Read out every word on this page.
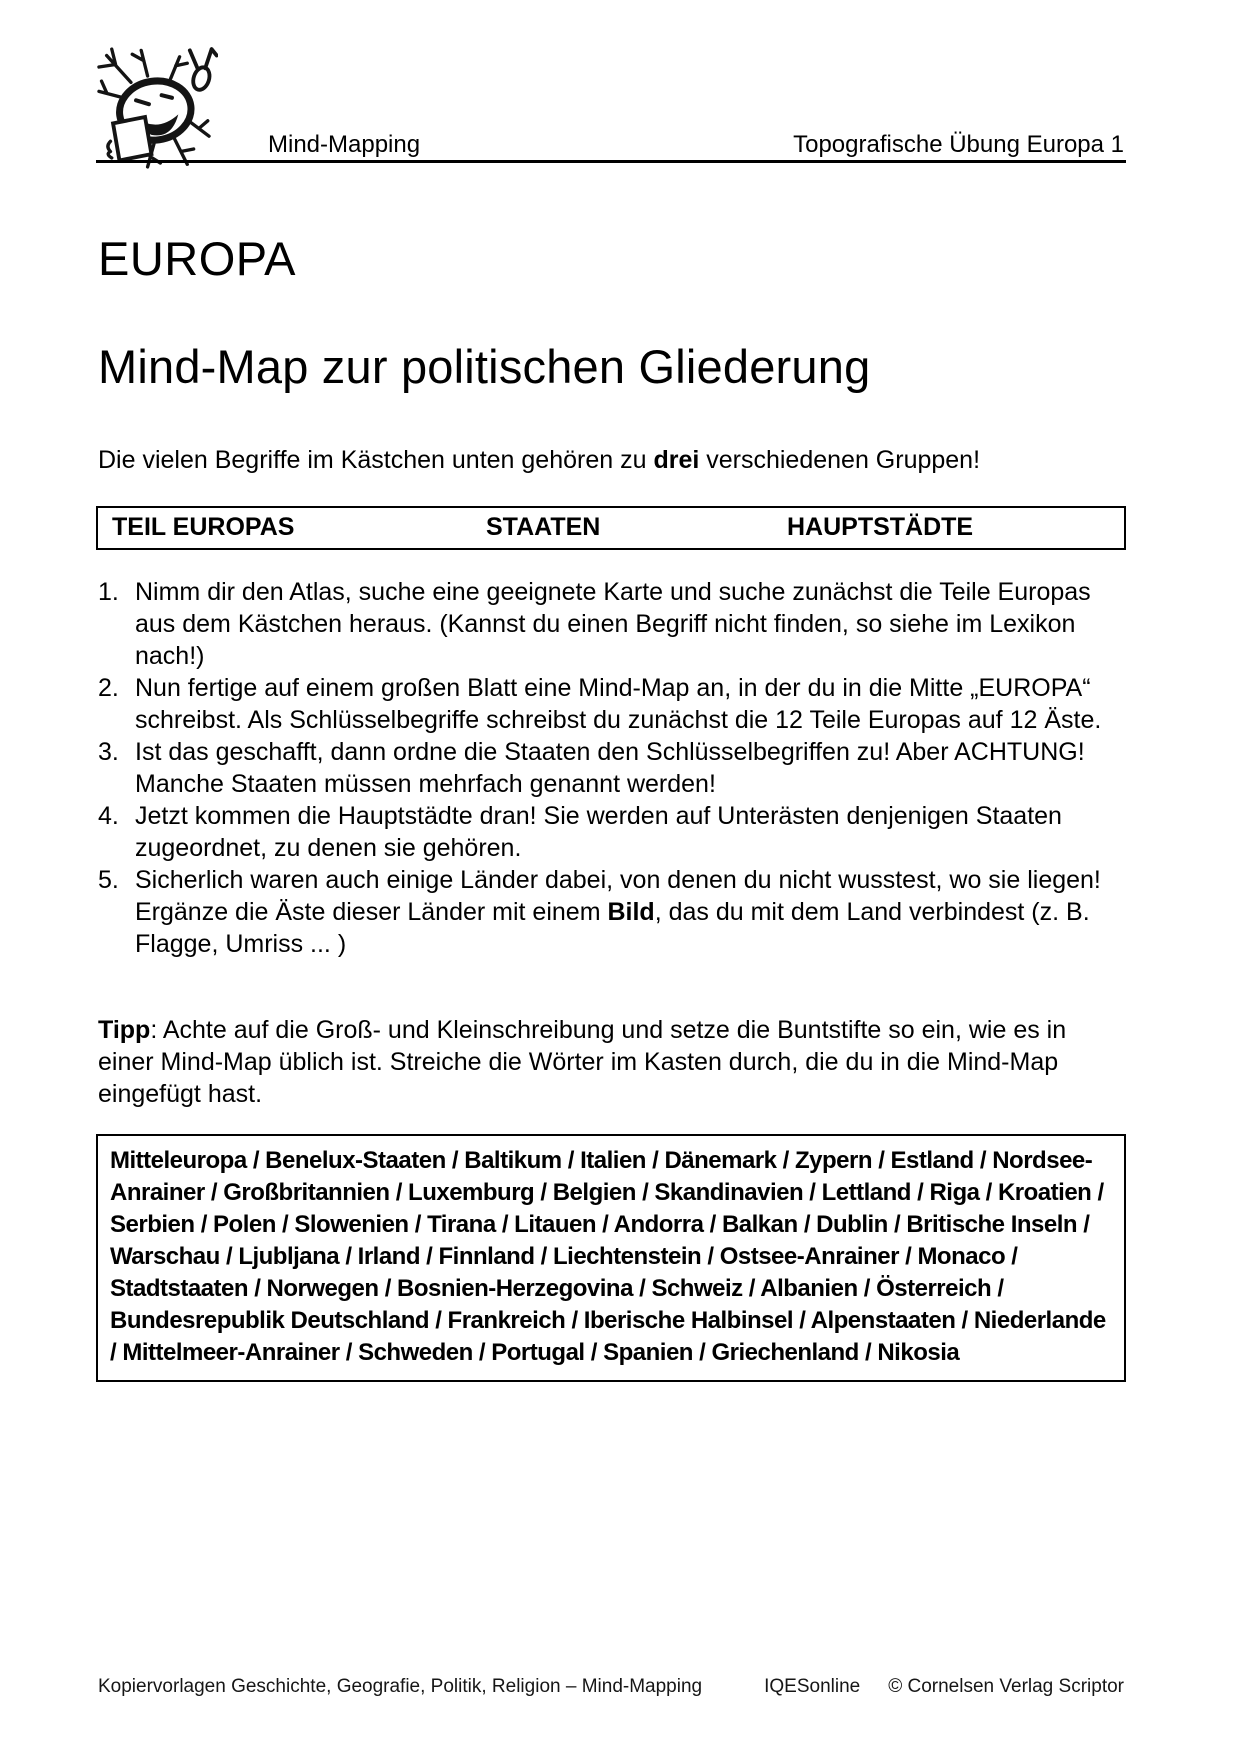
Mind-Mapping	Topografische Übung Europa 1
EUROPA
Mind-Map zur politischen Gliederung
Die vielen Begriffe im Kästchen unten gehören zu drei verschiedenen Gruppen!
TEIL EUROPAS	STAATEN	HAUPTSTÄDTE
1. Nimm dir den Atlas, suche eine geeignete Karte und suche zunächst die Teile Europas aus dem Kästchen heraus. (Kannst du einen Begriff nicht finden, so siehe im Lexikon nach!)
2. Nun fertige auf einem großen Blatt eine Mind-Map an, in der du in die Mitte „EUROPA“ schreibst. Als Schlüsselbegriffe schreibst du zunächst die 12 Teile Europas auf 12 Äste.
3. Ist das geschafft, dann ordne die Staaten den Schlüsselbegriffen zu! Aber ACHTUNG! Manche Staaten müssen mehrfach genannt werden!
4. Jetzt kommen die Hauptstädte dran! Sie werden auf Unterästen denjenigen Staaten zugeordnet, zu denen sie gehören.
5. Sicherlich waren auch einige Länder dabei, von denen du nicht wusstest, wo sie liegen! Ergänze die Äste dieser Länder mit einem Bild, das du mit dem Land verbindest (z. B. Flagge, Umriss ... )
Tipp: Achte auf die Groß- und Kleinschreibung und setze die Buntstifte so ein, wie es in einer Mind-Map üblich ist. Streiche die Wörter im Kasten durch, die du in die Mind-Map eingefügt hast.
Mitteleuropa / Benelux-Staaten / Baltikum / Italien / Dänemark / Zypern / Estland / Nordsee-Anrainer / Großbritannien / Luxemburg / Belgien / Skandinavien / Lettland / Riga / Kroatien / Serbien / Polen / Slowenien / Tirana / Litauen / Andorra / Balkan / Dublin / Britische Inseln / Warschau / Ljubljana / Irland / Finnland / Liechtenstein / Ostsee-Anrainer / Monaco / Stadtstaaten / Norwegen / Bosnien-Herzegovina / Schweiz / Albanien / Österreich / Bundesrepublik Deutschland / Frankreich / Iberische Halbinsel / Alpenstaaten / Niederlande / Mittelmeer-Anrainer / Schweden / Portugal / Spanien / Griechenland / Nikosia
Kopiervorlagen Geschichte, Geografie, Politik, Religion – Mind-Mapping	IQESonline © Cornelsen Verlag Scriptor
